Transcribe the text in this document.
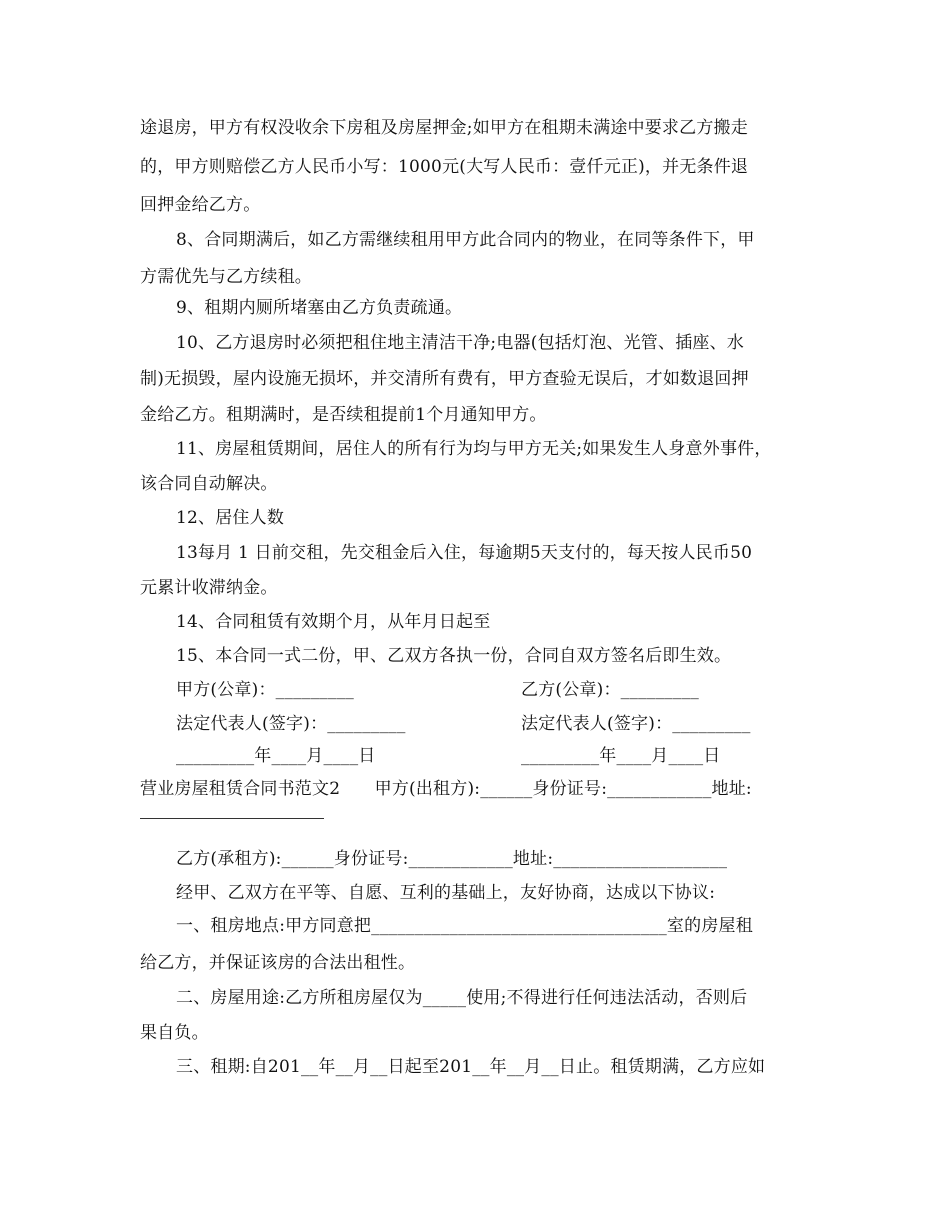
途退房，甲方有权没收余下房租及房屋押金;如甲方在租期未满途中要求乙方搬走
的，甲方则赔偿乙方人民币小写：1000元(大写人民币：壹仟元正)，并无条件退
回押金给乙方。
8、合同期满后，如乙方需继续租用甲方此合同内的物业，在同等条件下，甲
方需优先与乙方续租。
9、租期内厕所堵塞由乙方负责疏通。
10、乙方退房时必须把租住地主清洁干净;电器(包括灯泡、光管、插座、水
制)无损毁，屋内设施无损坏，并交清所有费有，甲方查验无误后，才如数退回押
金给乙方。租期满时，是否续租提前1个月通知甲方。
11、房屋租赁期间，居住人的所有行为均与甲方无关;如果发生人身意外事件，
该合同自动解决。
12、居住人数
13每月 1 日前交租，先交租金后入住，每逾期5天支付的，每天按人民币50
元累计收滞纳金。
14、合同租赁有效期个月，从年月日起至
15、本合同一式二份，甲、乙双方各执一份，合同自双方签名后即生效。
甲方(公章)：_________	乙方(公章)：_________
法定代表人(签字)：_________	法定代表人(签字)：_________
_________年____月____日	_________年____月____日
营业房屋租赁合同书范文2　　甲方(出租方):______身份证号:____________地址:
乙方(承租方):______身份证号:____________地址:____________________
经甲、乙双方在平等、自愿、互利的基础上，友好协商，达成以下协议:
一、租房地点:甲方同意把__________________________________室的房屋租
给乙方，并保证该房的合法出租性。
二、房屋用途:乙方所租房屋仅为_____使用;不得进行任何违法活动，否则后
果自负。
三、租期:自201__年__月__日起至201__年__月__日止。租赁期满，乙方应如
